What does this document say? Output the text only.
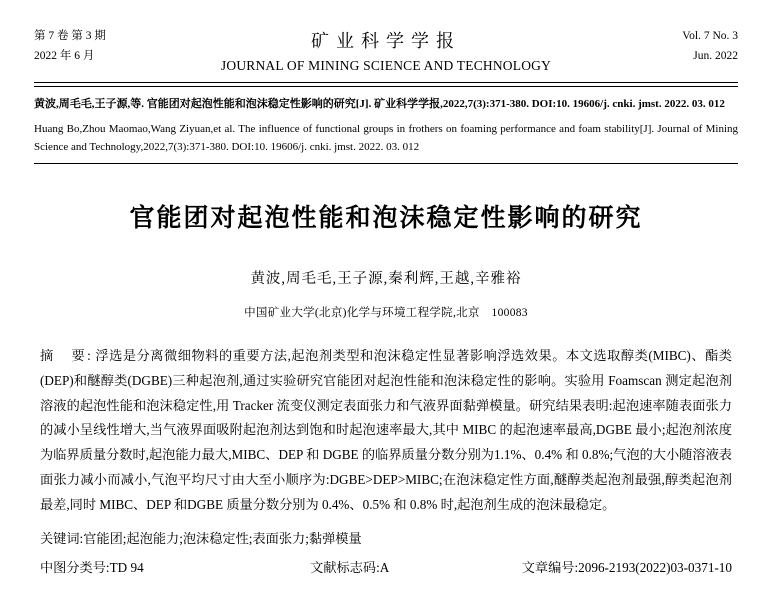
第 7 卷 第 3 期
2022 年 6 月
矿业科学学报
JOURNAL OF MINING SCIENCE AND TECHNOLOGY
Vol. 7 No. 3
Jun. 2022
黄波,周毛毛,王子源,等. 官能团对起泡性能和泡沫稳定性影响的研究[J]. 矿业科学学报,2022,7(3):371-380. DOI:10. 19606/j. cnki. jmst. 2022. 03. 012
Huang Bo,Zhou Maomao,Wang Ziyuan,et al. The influence of functional groups in frothers on foaming performance and foam stability[J]. Journal of Mining Science and Technology,2022,7(3):371-380. DOI:10. 19606/j. cnki. jmst. 2022. 03. 012
官能团对起泡性能和泡沫稳定性影响的研究
黄波,周毛毛,王子源,秦利辉,王越,辛雅裕
中国矿业大学(北京)化学与环境工程学院,北京　100083
摘　要: 浮选是分离微细物料的重要方法,起泡剂类型和泡沫稳定性显著影响浮选效果。本文选取醇类(MIBC)、酯类(DEP)和醚醇类(DGBE)三种起泡剂,通过实验研究官能团对起泡性能和泡沫稳定性的影响。实验用 Foamscan 测定起泡剂溶液的起泡性能和泡沫稳定性,用 Tracker 流变仪测定表面张力和气液界面黏弹模量。研究结果表明:起泡速率随表面张力的减小呈线性增大,当气液界面吸附起泡剂达到饱和时起泡速率最大,其中 MIBC 的起泡速率最高,DGBE 最小;起泡剂浓度为临界质量分数时,起泡能力最大,MIBC、DEP 和 DGBE 的临界质量分数分别为1.1%、0.4% 和 0.8%;气泡的大小随溶液表面张力减小而减小,气泡平均尺寸由大至小顺序为:DGBE>DEP>MIBC;在泡沫稳定性方面,醚醇类起泡剂最强,醇类起泡剂最差,同时 MIBC、DEP 和DGBE 质量分数分别为 0.4%、0.5% 和 0.8% 时,起泡剂生成的泡沫最稳定。
关键词:官能团;起泡能力;泡沫稳定性;表面张力;黏弹模量
中图分类号:TD 94	文献标志码:A	文章编号:2096-2193(2022)03-0371-10
